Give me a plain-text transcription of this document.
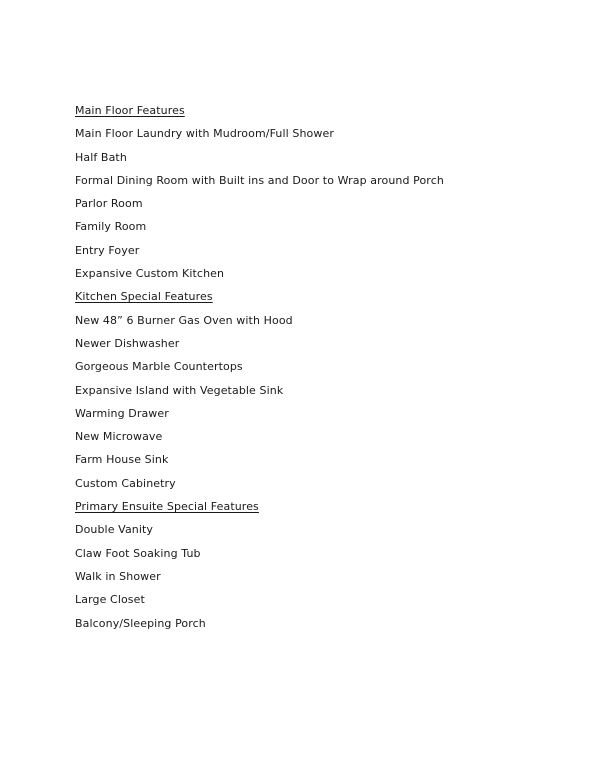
Main Floor Features
Main Floor Laundry with Mudroom/Full Shower
Half Bath
Formal Dining Room with Built ins and Door to Wrap around Porch
Parlor Room
Family Room
Entry Foyer
Expansive Custom Kitchen
Kitchen Special Features
New 48” 6 Burner Gas Oven with Hood
Newer Dishwasher
Gorgeous Marble Countertops
Expansive Island with Vegetable Sink
Warming Drawer
New Microwave
Farm House Sink
Custom Cabinetry
Primary Ensuite Special Features
Double Vanity
Claw Foot Soaking Tub
Walk in Shower
Large Closet
Balcony/Sleeping Porch
